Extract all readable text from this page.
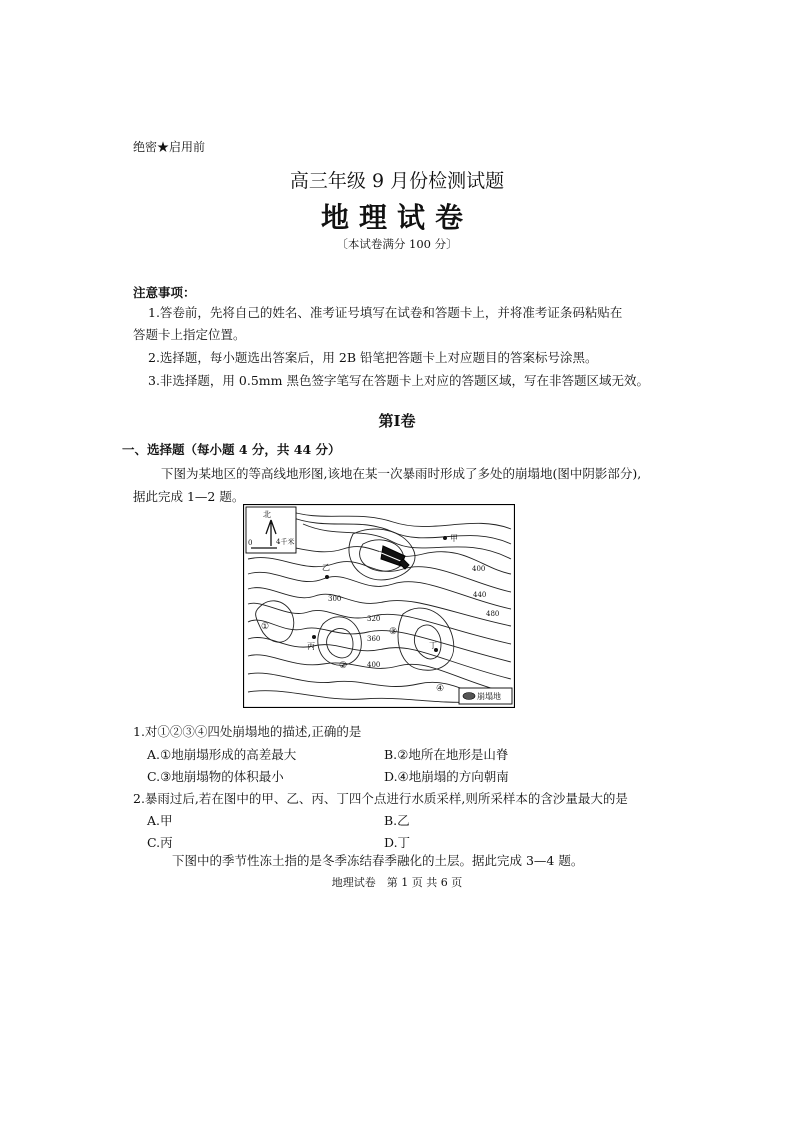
绝密★启用前
高三年级 9 月份检测试题
地理试卷
〔本试卷满分 100 分〕
注意事项：
1.答卷前，先将自己的姓名、准考证号填写在试卷和答题卡上，并将准考证条码粘贴在
答题卡上指定位置。
2.选择题，每小题选出答案后，用 2B 铅笔把答题卡上对应题目的答案标号涂黑。
3.非选择题，用 0.5mm 黑色签字笔写在答题卡上对应的答题区域，写在非答题区域无效。
第Ⅰ卷
一、选择题（每小题 4 分，共 44 分）
下图为某地区的等高线地形图,该地在某一次暴雨时形成了多处的崩塌地(图中阴影部分),
据此完成 1—2 题。
北
0	4千米
400
440
480
300
320
360
400
甲
乙
丙	丁
①
②
③
④
崩塌地
1.对①②③④四处崩塌地的描述,正确的是
A.①地崩塌形成的高差最大	B.②地所在地形是山脊
C.③地崩塌物的体积最小	D.④地崩塌的方向朝南
2.暴雨过后,若在图中的甲、乙、丙、丁四个点进行水质采样,则所采样本的含沙量最大的是
A.甲	B.乙
C.丙	D.丁
下图中的季节性冻土指的是冬季冻结春季融化的土层。据此完成 3—4 题。
地理试卷　第 1 页 共 6 页
